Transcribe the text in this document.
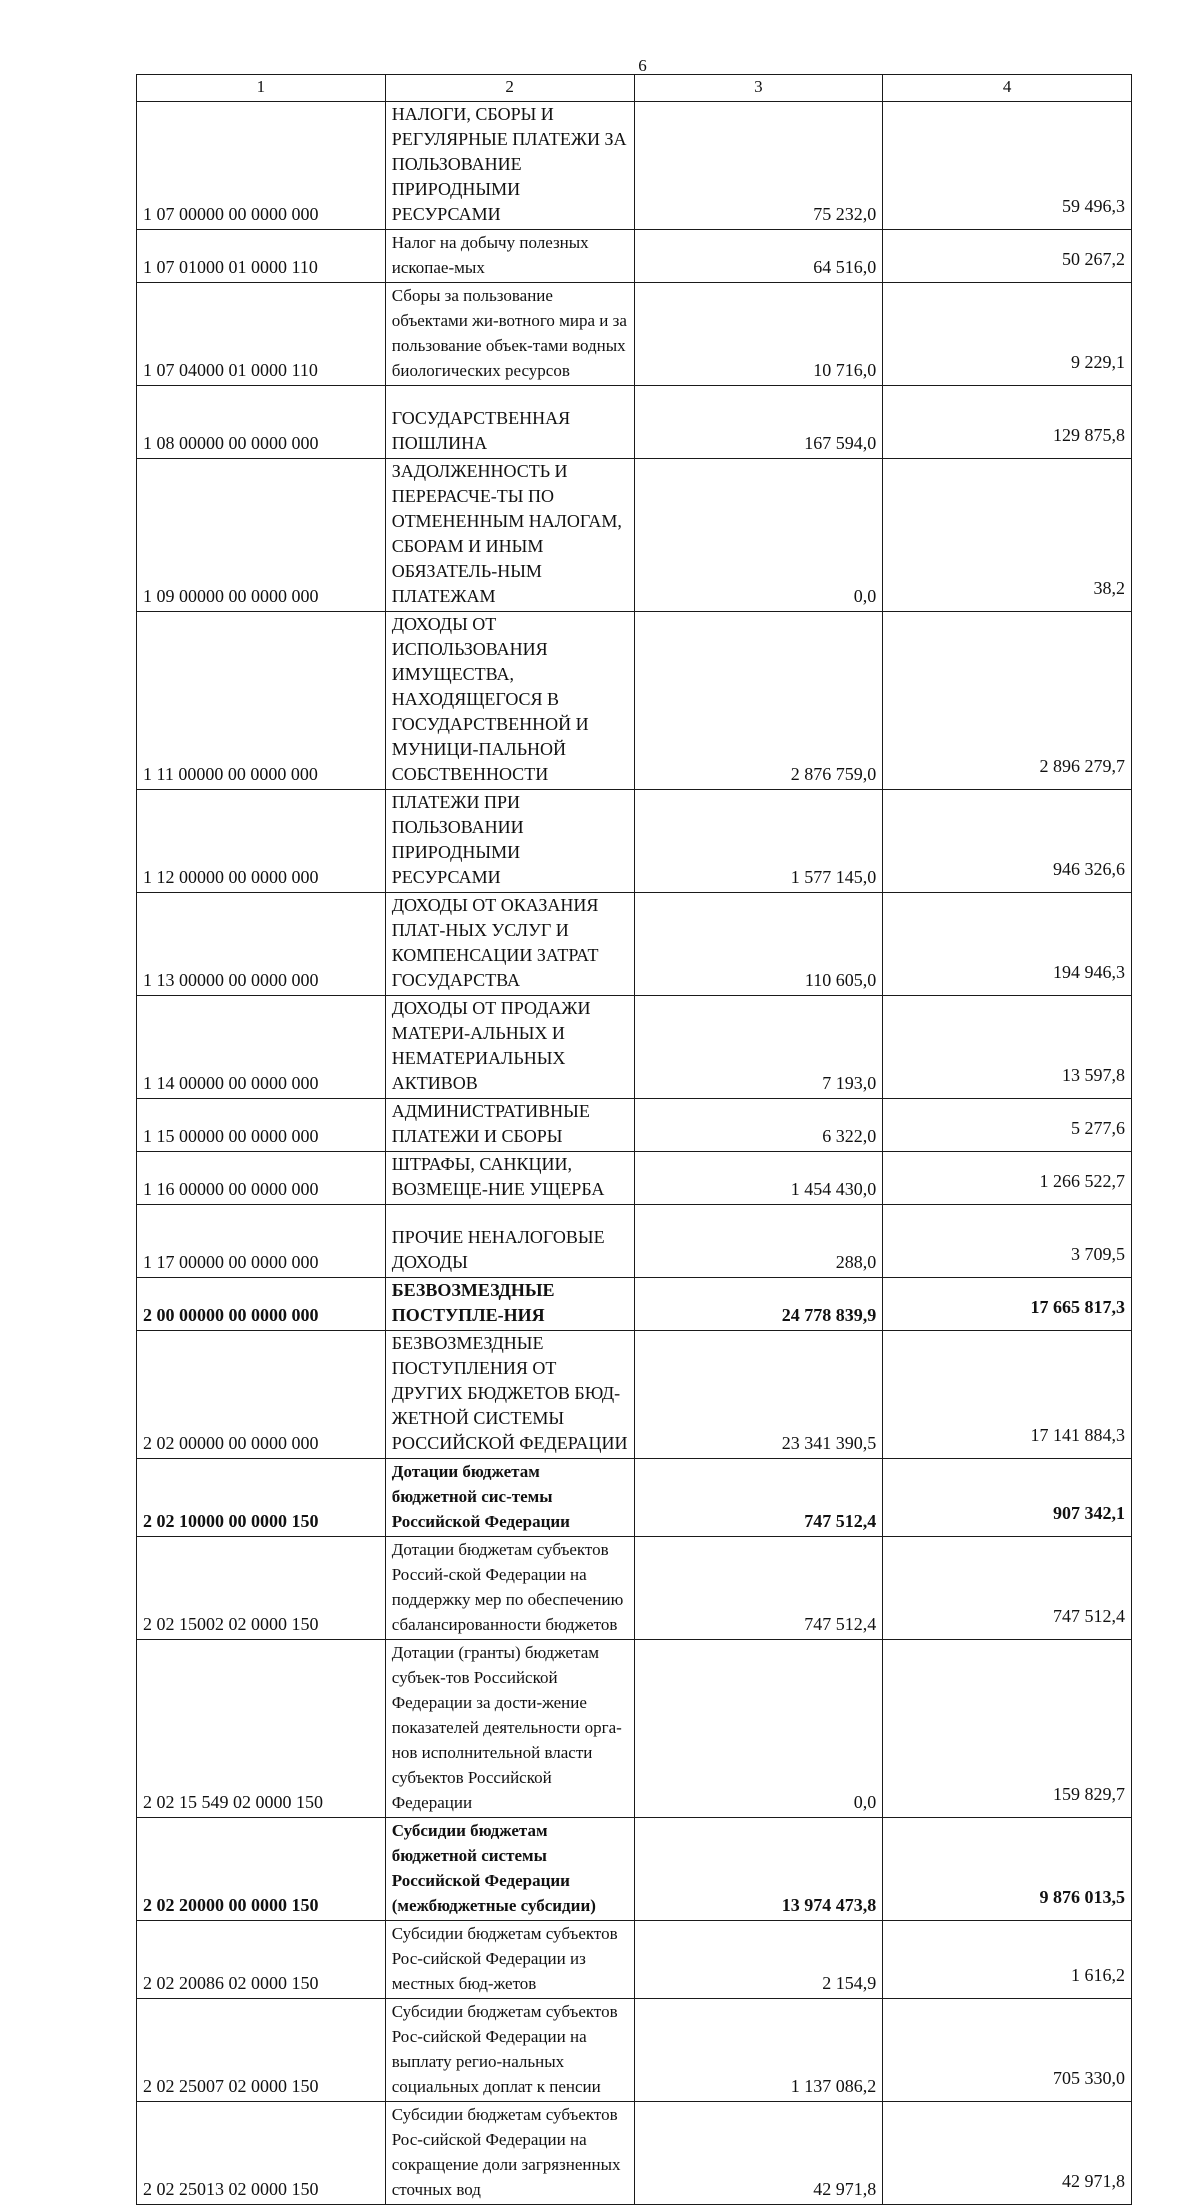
6
1	2	3	4
1 07 00000 00 0000 000	НАЛОГИ, СБОРЫ И РЕГУЛЯРНЫЕ ПЛАТЕЖИ ЗА ПОЛЬЗОВАНИЕ ПРИРОДНЫМИ РЕСУРСАМИ	75 232,0	59 496,3
1 07 01000 01 0000 110	Налог на добычу полезных ископае-мых	64 516,0	50 267,2
1 07 04000 01 0000 110	Сборы за пользование объектами жи-вотного мира и за пользование объек-тами водных биологических ресурсов	10 716,0	9 229,1
1 08 00000 00 0000 000	ГОСУДАРСТВЕННАЯ ПОШЛИНА	167 594,0	129 875,8
1 09 00000 00 0000 000	ЗАДОЛЖЕННОСТЬ И ПЕРЕРАСЧЕ-ТЫ ПО ОТМЕНЕННЫМ НАЛОГАМ, СБОРАМ И ИНЫМ ОБЯЗАТЕЛЬ-НЫМ ПЛАТЕЖАМ	0,0	38,2
1 11 00000 00 0000 000	ДОХОДЫ ОТ ИСПОЛЬЗОВАНИЯ ИМУЩЕСТВА, НАХОДЯЩЕГОСЯ В ГОСУДАРСТВЕННОЙ И МУНИЦИ-ПАЛЬНОЙ СОБСТВЕННОСТИ	2 876 759,0	2 896 279,7
1 12 00000 00 0000 000	ПЛАТЕЖИ ПРИ ПОЛЬЗОВАНИИ ПРИРОДНЫМИ РЕСУРСАМИ	1 577 145,0	946 326,6
1 13 00000 00 0000 000	ДОХОДЫ ОТ ОКАЗАНИЯ ПЛАТ-НЫХ УСЛУГ И КОМПЕНСАЦИИ ЗАТРАТ ГОСУДАРСТВА	110 605,0	194 946,3
1 14 00000 00 0000 000	ДОХОДЫ ОТ ПРОДАЖИ МАТЕРИ-АЛЬНЫХ И НЕМАТЕРИАЛЬНЫХ АКТИВОВ	7 193,0	13 597,8
1 15 00000 00 0000 000	АДМИНИСТРАТИВНЫЕ ПЛАТЕЖИ И СБОРЫ	6 322,0	5 277,6
1 16 00000 00 0000 000	ШТРАФЫ, САНКЦИИ, ВОЗМЕЩЕ-НИЕ УЩЕРБА	1 454 430,0	1 266 522,7
1 17 00000 00 0000 000	ПРОЧИЕ НЕНАЛОГОВЫЕ ДОХОДЫ	288,0	3 709,5
2 00 00000 00 0000 000	БЕЗВОЗМЕЗДНЫЕ ПОСТУПЛЕ-НИЯ	24 778 839,9	17 665 817,3
2 02 00000 00 0000 000	БЕЗВОЗМЕЗДНЫЕ ПОСТУПЛЕНИЯ ОТ ДРУГИХ БЮДЖЕТОВ БЮД-ЖЕТНОЙ СИСТЕМЫ РОССИЙСКОЙ ФЕДЕРАЦИИ	23 341 390,5	17 141 884,3
2 02 10000 00 0000 150	Дотации бюджетам бюджетной сис-темы Российской Федерации	747 512,4	907 342,1
2 02 15002 02 0000 150	Дотации бюджетам субъектов Россий-ской Федерации на поддержку мер по обеспечению сбалансированности бюджетов	747 512,4	747 512,4
2 02 15 549 02 0000 150	Дотации (гранты) бюджетам субъек-тов Российской Федерации за дости-жение показателей деятельности орга-нов исполнительной власти субъектов Российской Федерации	0,0	159 829,7
2 02 20000 00 0000 150	Субсидии бюджетам бюджетной системы Российской Федерации (межбюджетные субсидии)	13 974 473,8	9 876 013,5
2 02 20086 02 0000 150	Субсидии бюджетам субъектов Рос-сийской Федерации из местных бюд-жетов	2 154,9	1 616,2
2 02 25007 02 0000 150	Субсидии бюджетам субъектов Рос-сийской Федерации на выплату регио-нальных социальных доплат к пенсии	1 137 086,2	705 330,0
2 02 25013 02 0000 150	Субсидии бюджетам субъектов Рос-сийской Федерации на сокращение доли загрязненных сточных вод	42 971,8	42 971,8
